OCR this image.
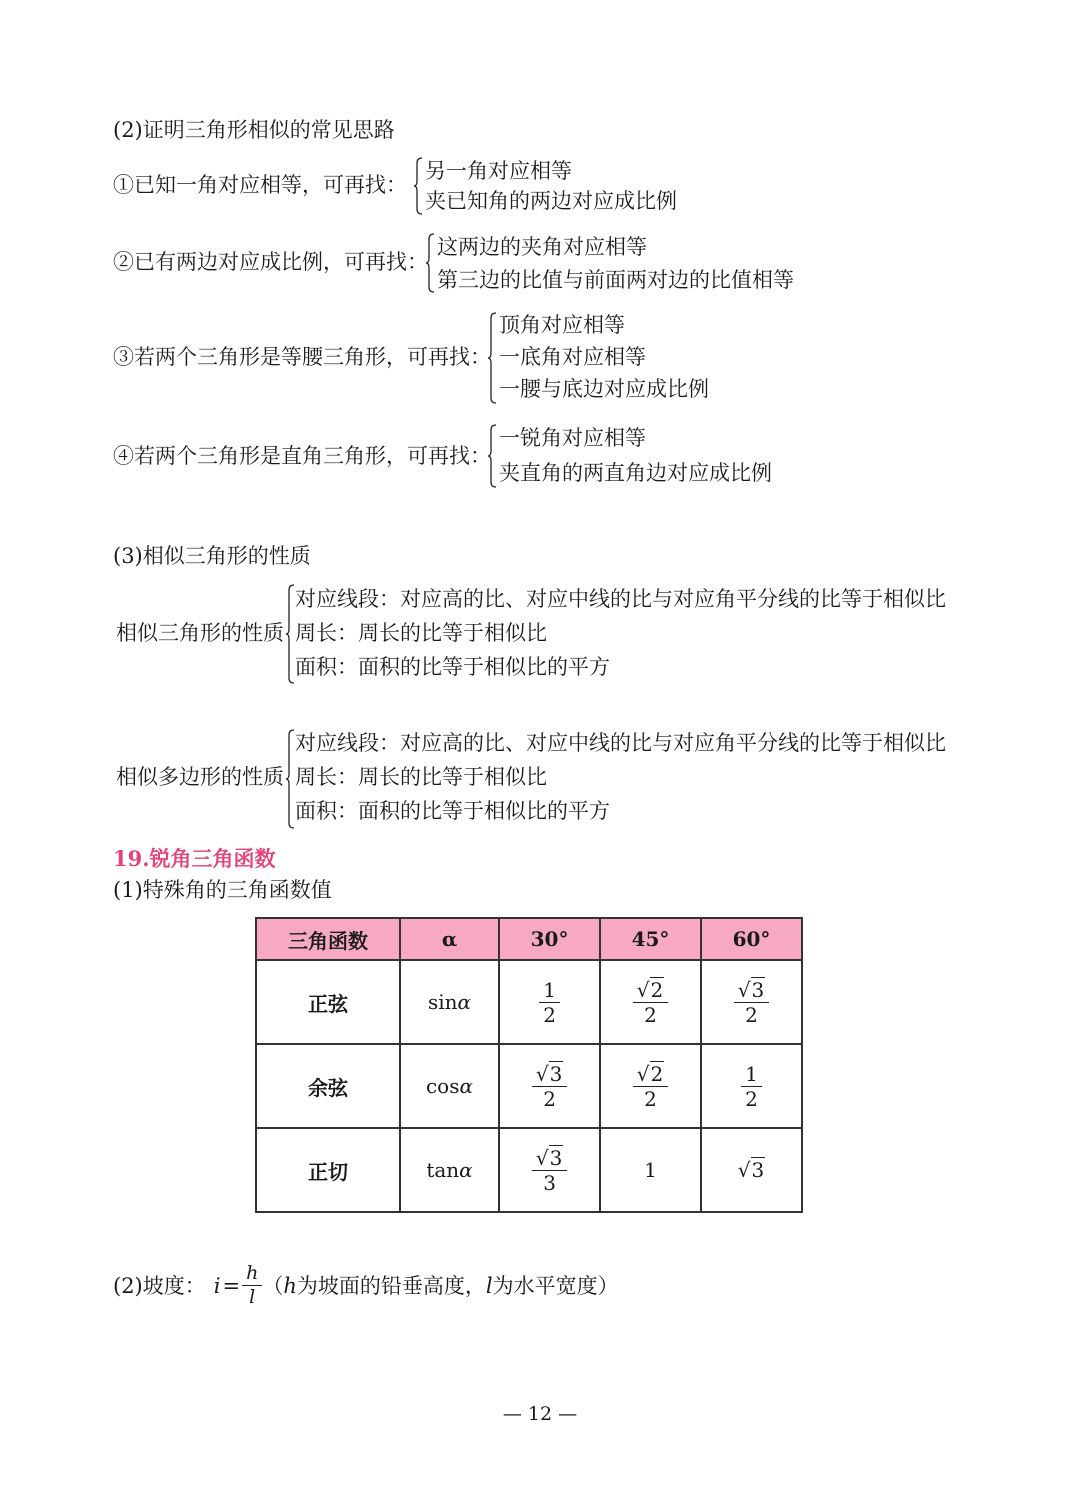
(2)证明三角形相似的常见思路
①已知一角对应相等，可再找：
另一角对应相等
夹已知角的两边对应成比例
②已有两边对应成比例，可再找：
这两边的夹角对应相等
第三边的比值与前面两对边的比值相等
③若两个三角形是等腰三角形，可再找：
顶角对应相等
一底角对应相等
一腰与底边对应成比例
④若两个三角形是直角三角形，可再找：
一锐角对应相等
夹直角的两直角边对应成比例
(3)相似三角形的性质
相似三角形的性质
对应线段：对应高的比、对应中线的比与对应角平分线的比等于相似比
周长：周长的比等于相似比
面积：面积的比等于相似比的平方
相似多边形的性质
对应线段：对应高的比、对应中线的比与对应角平分线的比等于相似比
周长：周长的比等于相似比
面积：面积的比等于相似比的平方
19.锐角三角函数
(1)特殊角的三角函数值
三角函数	α	30°	45°	60°
正弦	sinα	$\frac{1}{2}$	$\frac{√2}{2}$	$\frac{√3}{2}$

余弦	cosα	$\frac{√3}{2}$	$\frac{√2}{2}$	$\frac{1}{2}$

正切	tanα	$\frac{√3}{3}$	1	√3
(2)坡度： $i = \frac{h}{l}$ （ h 为坡面的铅垂高度， l 为水平宽度）
— 12 —
